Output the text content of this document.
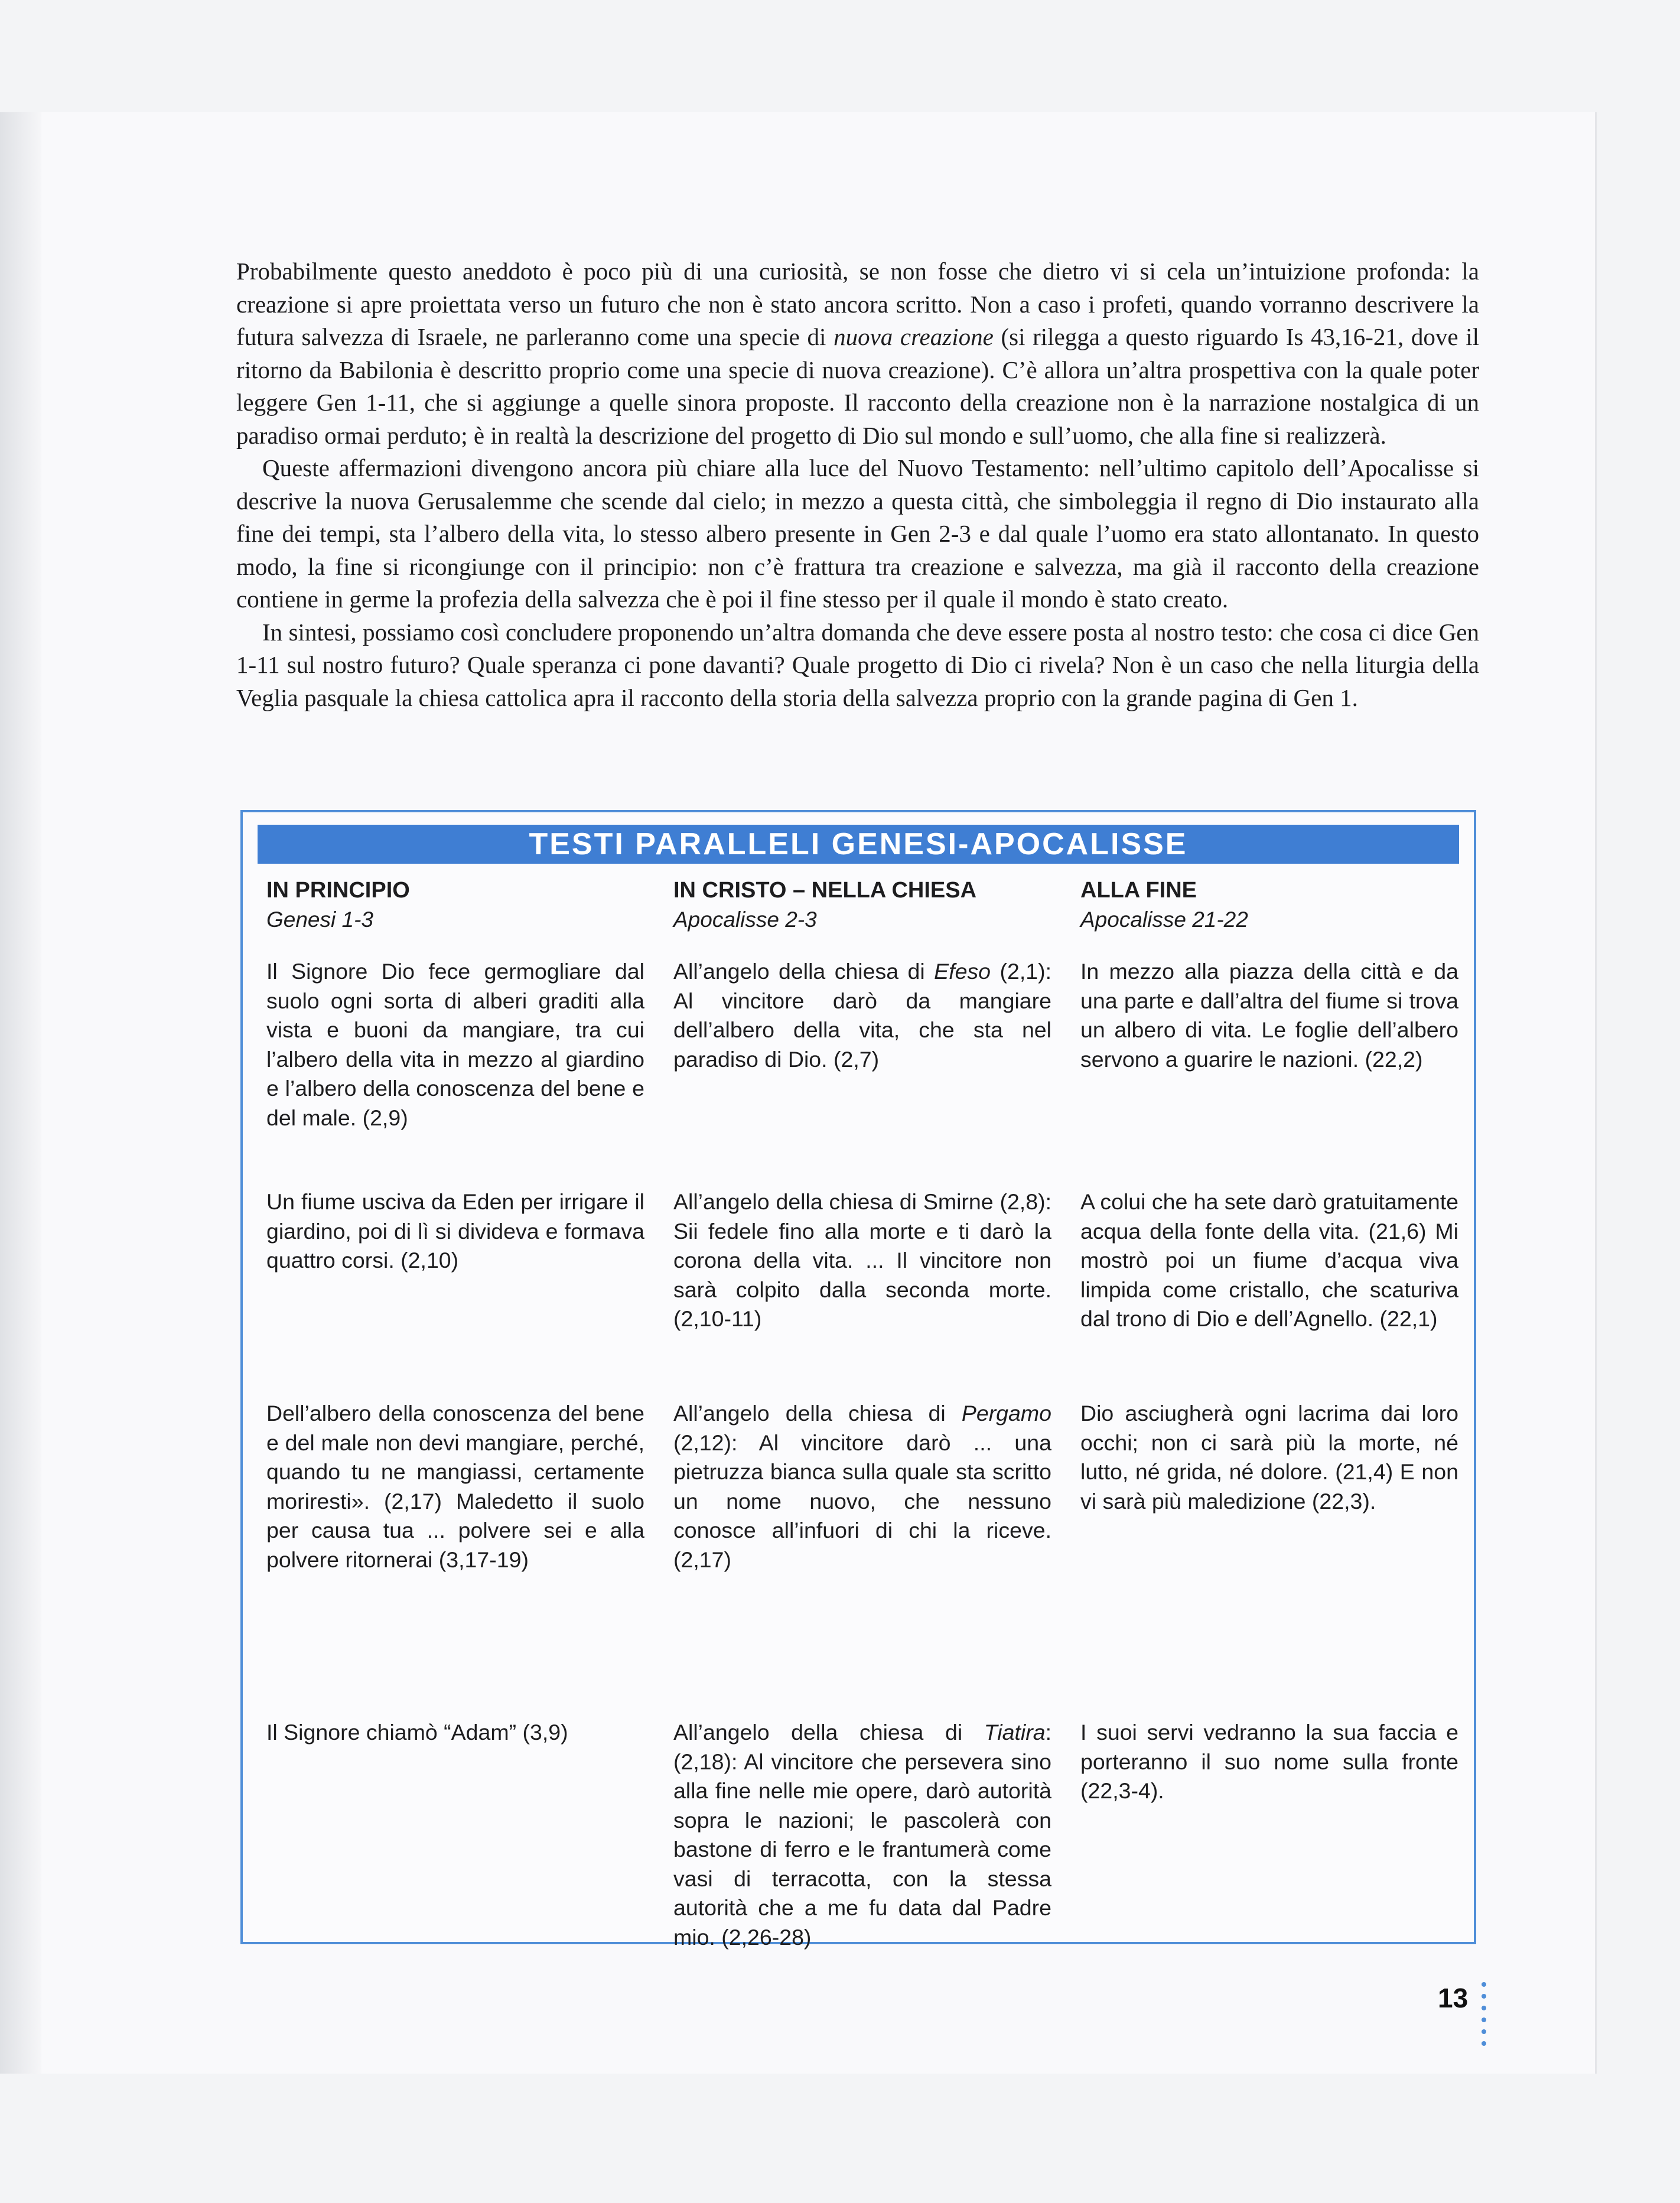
Probabilmente questo aneddoto è poco più di una curiosità, se non fosse che dietro vi si cela un’intuizione profonda: la creazione si apre proiettata verso un futuro che non è stato ancora scritto. Non a caso i profeti, quando vorranno descrivere la futura salvezza di Israele, ne parleranno come una specie di nuova creazione (si rilegga a questo riguardo Is 43,16-21, dove il ritorno da Babilonia è descritto proprio come una specie di nuova creazione). C’è allora un’altra prospettiva con la quale poter leggere Gen 1-11, che si aggiunge a quelle sinora proposte. Il racconto della creazione non è la narrazione nostalgica di un paradiso ormai perduto; è in realtà la descrizione del progetto di Dio sul mondo e sull’uomo, che alla fine si realizzerà.

Queste affermazioni divengono ancora più chiare alla luce del Nuovo Testamento: nell’ultimo capitolo dell’Apocalisse si descrive la nuova Gerusalemme che scende dal cielo; in mezzo a questa città, che simboleggia il regno di Dio instaurato alla fine dei tempi, sta l’albero della vita, lo stesso albero presente in Gen 2-3 e dal quale l’uomo era stato allontanato. In questo modo, la fine si ricongiunge con il principio: non c’è frattura tra creazione e salvezza, ma già il racconto della creazione contiene in germe la profezia della salvezza che è poi il fine stesso per il quale il mondo è stato creato.

In sintesi, possiamo così concludere proponendo un’altra domanda che deve essere posta al nostro testo: che cosa ci dice Gen 1-11 sul nostro futuro? Quale speranza ci pone davanti? Quale progetto di Dio ci rivela? Non è un caso che nella liturgia della Veglia pasquale la chiesa cattolica apra il racconto della storia della salvezza proprio con la grande pagina di Gen 1.

TESTI PARALLELI GENESI-APOCALISSE
IN PRINCIPIO
Genesi 1-3
Il Signore Dio fece germogliare dal suolo ogni sorta di alberi graditi alla vista e buoni da mangiare, tra cui l’albero della vita in mezzo al giardino e l’albero della conoscenza del bene e del male. (2,9)
Un fiume usciva da Eden per irrigare il giardino, poi di lì si divideva e formava quattro corsi. (2,10)
Dell’albero della conoscenza del bene e del male non devi mangiare, perché, quando tu ne mangiassi, certamente moriresti». (2,17) Maledetto il suolo per causa tua ... polvere sei e alla polvere ritornerai (3,17-19)
Il Signore chiamò “Adam” (3,9)
IN CRISTO – NELLA CHIESA
Apocalisse 2-3
All’angelo della chiesa di Efeso (2,1): Al vincitore darò da mangiare dell’albero della vita, che sta nel paradiso di Dio. (2,7)
All’angelo della chiesa di Smirne (2,8): Sii fedele fino alla morte e ti darò la corona della vita. ... Il vincitore non sarà colpito dalla seconda morte. (2,10-11)
All’angelo della chiesa di Pergamo (2,12): Al vincitore darò ... una pietruzza bianca sulla quale sta scritto un nome nuovo, che nessuno conosce all’infuori di chi la riceve. (2,17)
All’angelo della chiesa di Tiatira: (2,18): Al vincitore che persevera sino alla fine nelle mie opere, darò autorità sopra le nazioni; le pascolerà con bastone di ferro e le frantumerà come vasi di terracotta, con la stessa autorità che a me fu data dal Padre mio. (2,26-28)
ALLA FINE
Apocalisse 21-22
In mezzo alla piazza della città e da una parte e dall’altra del fiume si trova un albero di vita. Le foglie dell’albero servono a guarire le nazioni. (22,2)
A colui che ha sete darò gratuitamente acqua della fonte della vita. (21,6) Mi mostrò poi un fiume d’acqua viva limpida come cristallo, che scaturiva dal trono di Dio e dell’Agnello. (22,1)
Dio asciugherà ogni lacrima dai loro occhi; non ci sarà più la morte, né lutto, né grida, né dolore. (21,4) E non vi sarà più maledizione (22,3).
I suoi servi vedranno la sua faccia e porteranno il suo nome sulla fronte (22,3-4).
13
